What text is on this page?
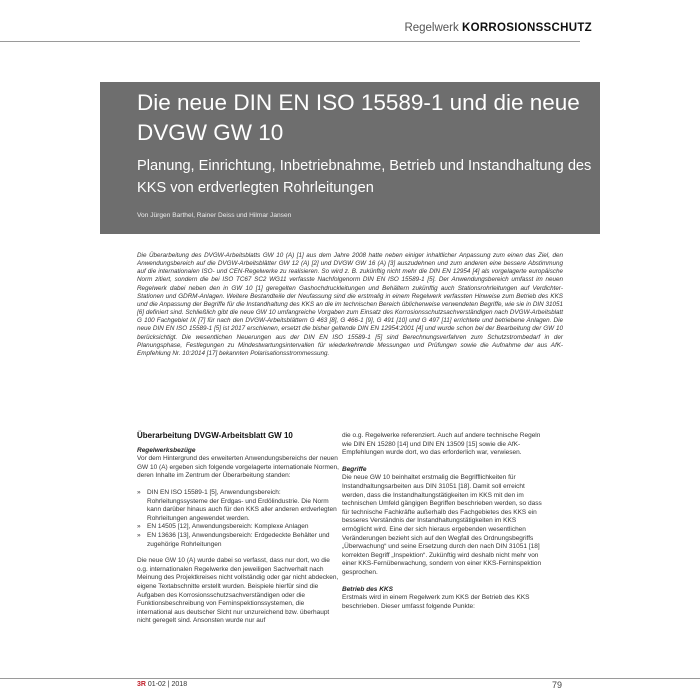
Regelwerk KORROSIONSSCHUTZ
Die neue DIN EN ISO 15589-1 und die neue DVGW GW 10
Planung, Einrichtung, Inbetriebnahme, Betrieb und Instandhaltung des KKS von erdverlegten Rohrleitungen
Von Jürgen Barthel, Rainer Deiss und Hilmar Jansen

Die Überarbeitung des DVGW-Arbeitsblatts GW 10 (A) [1] aus dem Jahre 2008 hatte neben einiger inhaltlicher Anpassung zum einen das Ziel, den Anwendungsbereich auf die DVGW-Arbeitsblätter GW 12 (A) [2] und DVGW GW 16 (A) [3] auszudehnen und zum anderen eine bessere Abstimmung auf die internationalen ISO- und CEN-Regelwerke zu realisieren. So wird z. B. zukünftig nicht mehr die DIN EN 12954 [4] als vorgelagerte europäische Norm zitiert, sondern die bei ISO TC67 SC2 WG11 verfasste Nachfolgenorm DIN EN ISO 15589-1 [5]. Der Anwendungsbereich umfasst im neuen Regelwerk dabei neben den in GW 10 [1] geregelten Gashochdruckleitungen und Behältern zukünftig auch Stationsrohrleitungen auf Verdichter-Stationen und GDRM-Anlagen. Weitere Bestandteile der Neufassung sind die erstmalig in einem Regelwerk verfassten Hinweise zum Betrieb des KKS und die Anpassung der Begriffe für die Instandhaltung des KKS an die im technischen Bereich üblicherweise verwendeten Begriffe, wie sie in DIN 31051 [6] definiert sind. Schließlich gibt die neue GW 10 umfangreiche Vorgaben zum Einsatz des Korrosionsschutzsachverständigen nach DVGW-Arbeitsblatt G 100 Fachgebiet IX [7] für nach den DVGW-Arbeitsblättern G 463 [8], G 466-1 [9], G 491 [10] und G 497 [11] errichtete und betriebene Anlagen. Die neue DIN EN ISO 15589-1 [5] ist 2017 erschienen, ersetzt die bisher geltende DIN EN 12954:2001 [4] und wurde schon bei der Bearbeitung der GW 10 berücksichtigt. Die wesentlichen Neuerungen aus der DIN EN ISO 15589-1 [5] sind Berechnungsverfahren zum Schutzstrombedarf in der Planungsphase, Festlegungen zu Mindestwartungsintervallen für wiederkehrende Messungen und Prüfungen sowie die Aufnahme der aus AfK-Empfehlung Nr. 10:2014 [17] bekannten Polarisationsstrommessung.

Überarbeitung DVGW-Arbeitsblatt GW 10
Regelwerksbezüge

Vor dem Hintergrund des erweiterten Anwendungsbereichs der neuen GW 10 (A) ergeben sich folgende vorgelagerte internationale Normen, deren Inhalte im Zentrum der Überarbeitung standen:

» DIN EN ISO 15589-1 [5], Anwendungsbereich: Rohrleitungssysteme der Erdgas- und Erdölindustrie. Die Norm kann darüber hinaus auch für den KKS aller anderen erdverlegten Rohrleitungen angewendet werden.
» EN 14505 [12], Anwendungsbereich: Komplexe Anlagen
» EN 13636 [13], Anwendungsbereich: Erdgedeckte Behälter und zugehörige Rohrleitungen

Die neue GW 10 (A) wurde dabei so verfasst, dass nur dort, wo die o.g. internationalen Regelwerke den jeweiligen Sachverhalt nach Meinung des Projektkreises nicht vollständig oder gar nicht abdecken, eigene Textabschnitte erstellt wurden. Beispiele hierfür sind die Aufgaben des Korrosionsschutzsachverständigen oder die Funktionsbeschreibung von Ferninspektionssystemen, die international aus deutscher Sicht nur unzureichend bzw. überhaupt nicht geregelt sind. Ansonsten wurde nur auf

die o.g. Regelwerke referenziert. Auch auf andere technische Regeln wie DIN EN 15280 [14] und DIN EN 13509 [15] sowie die AfK-Empfehlungen wurde dort, wo das erforderlich war, verwiesen.

Begriffe

Die neue GW 10 beinhaltet erstmalig die Begrifflichkeiten für Instandhaltungsarbeiten aus DIN 31051 [18]. Damit soll erreicht werden, dass die Instandhaltungstätigkeiten im KKS mit den im technischen Umfeld gängigen Begriffen beschrieben werden, so dass für technische Fachkräfte außerhalb des Fachgebietes des KKS ein besseres Verständnis der Instandhaltungstätigkeiten im KKS ermöglicht wird. Eine der sich hieraus ergebenden wesentlichen Veränderungen bezieht sich auf den Wegfall des Ordnungsbegriffs „Überwachung“ und seine Ersetzung durch den nach DIN 31051 [18] korrekten Begriff „Inspektion“. Zukünftig wird deshalb nicht mehr von einer KKS-Fernüberwachung, sondern von einer KKS-Ferninspektion gesprochen.

Betrieb des KKS

Erstmals wird in einem Regelwerk zum KKS der Betrieb des KKS beschrieben. Dieser umfasst folgende Punkte:

3R 01-02 | 2018	79
